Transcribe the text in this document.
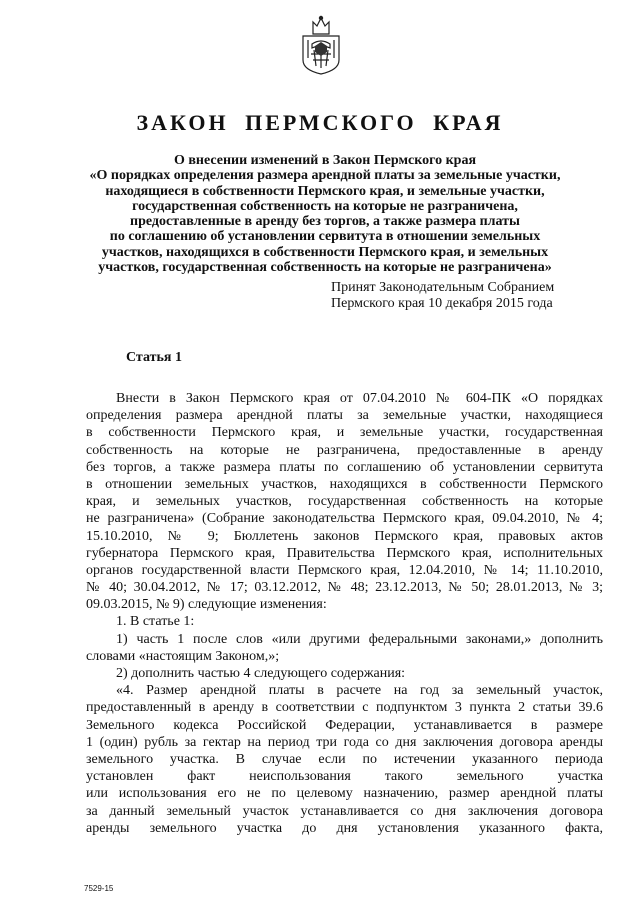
ЗАКОН ПЕРМСКОГО КРАЯ
О внесении изменений в Закон Пермского края
«О порядках определения размера арендной платы за земельные участки,
находящиеся в собственности Пермского края, и земельные участки,
государственная собственность на которые не разграничена,
предоставленные в аренду без торгов, а также размера платы
по соглашению об установлении сервитута в отношении земельных
участков, находящихся в собственности Пермского края, и земельных
участков, государственная собственность на которые не разграничена»
Принят Законодательным Собранием
Пермского края 10 декабря 2015 года
Статья 1
Внести в Закон Пермского края от 07.04.2010 № 604-ПК «О порядках
определения размера арендной платы за земельные участки, находящиеся
в собственности Пермского края, и земельные участки, государственная
собственность на которые не разграничена, предоставленные в аренду
без торгов, а также размера платы по соглашению об установлении сервитута
в отношении земельных участков, находящихся в собственности Пермского
края, и земельных участков, государственная собственность на которые
не разграничена» (Собрание законодательства Пермского края, 09.04.2010, № 4;
15.10.2010, № 9; Бюллетень законов Пермского края, правовых актов
губернатора Пермского края, Правительства Пермского края, исполнительных
органов государственной власти Пермского края, 12.04.2010, № 14; 11.10.2010,
№ 40; 30.04.2012, № 17; 03.12.2012, № 48; 23.12.2013, № 50; 28.01.2013, № 3;
09.03.2015, № 9) следующие изменения:
1. В статье 1:
1) часть 1 после слов «или другими федеральными законами,» дополнить
словами «настоящим Законом,»;
2) дополнить частью 4 следующего содержания:
«4. Размер арендной платы в расчете на год за земельный участок,
предоставленный в аренду в соответствии с подпунктом 3 пункта 2 статьи 39.6
Земельного кодекса Российской Федерации, устанавливается в размере
1 (один) рубль за гектар на период три года со дня заключения договора аренды
земельного участка. В случае если по истечении указанного периода
установлен факт неиспользования такого земельного участка
или использования его не по целевому назначению, размер арендной платы
за данный земельный участок устанавливается со дня заключения договора
аренды земельного участка до дня установления указанного факта,
7529-15
